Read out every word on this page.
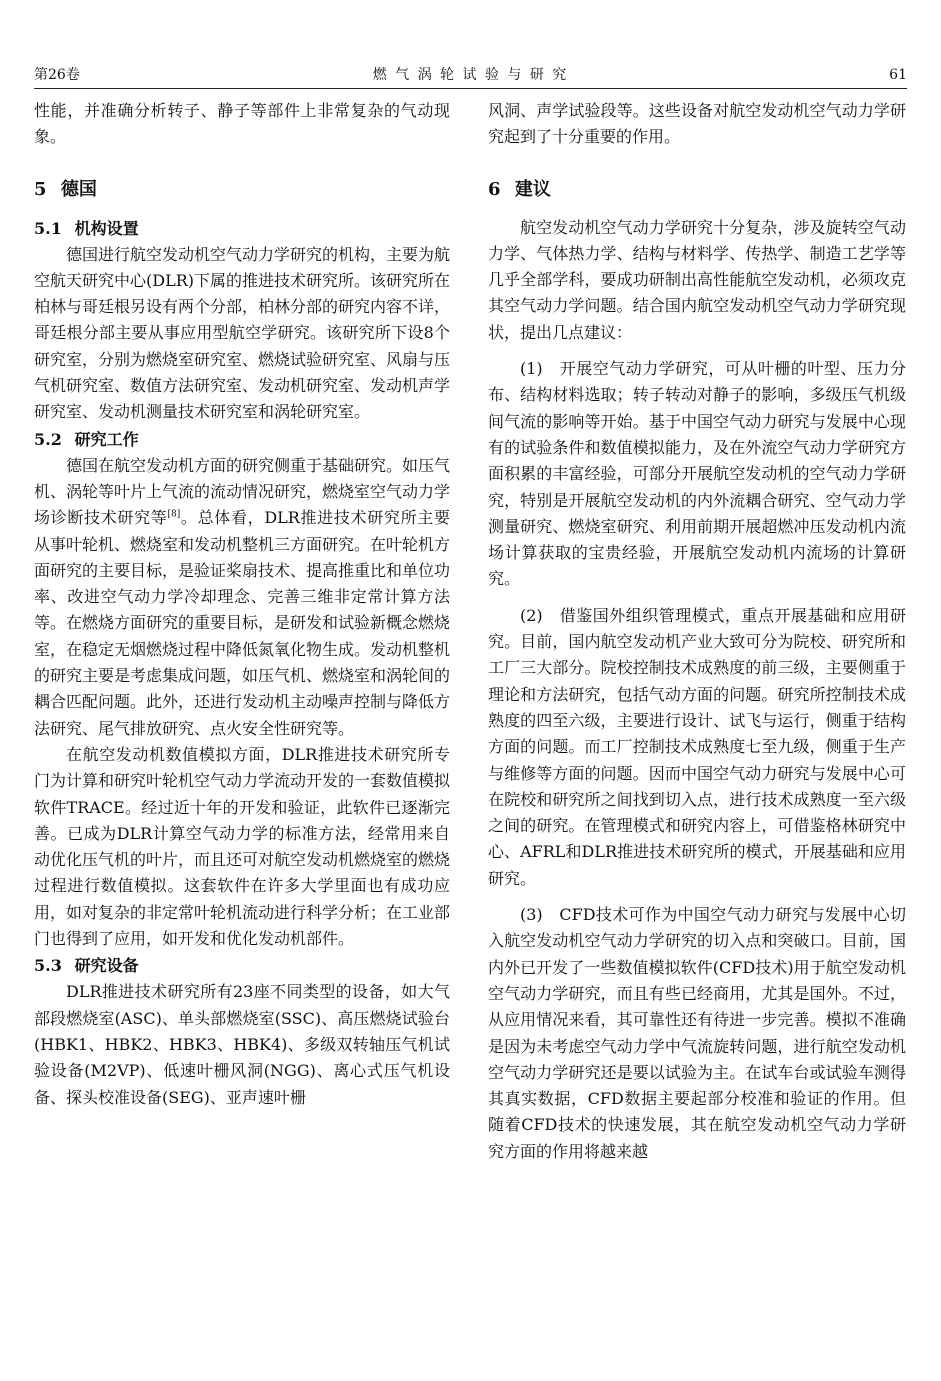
第26卷	燃 气 涡 轮 试 验 与 研 究	61

性能，并准确分析转子、静子等部件上非常复杂的气动现象。

5 德国
5.1 机构设置

德国进行航空发动机空气动力学研究的机构，主要为航空航天研究中心(DLR)下属的推进技术研究所。该研究所在柏林与哥廷根另设有两个分部，柏林分部的研究内容不详，哥廷根分部主要从事应用型航空学研究。该研究所下设8个研究室，分别为燃烧室研究室、燃烧试验研究室、风扇与压气机研究室、数值方法研究室、发动机研究室、发动机声学研究室、发动机测量技术研究室和涡轮研究室。

5.2 研究工作

德国在航空发动机方面的研究侧重于基础研究。如压气机、涡轮等叶片上气流的流动情况研究，燃烧室空气动力学场诊断技术研究等[8]。总体看，DLR推进技术研究所主要从事叶轮机、燃烧室和发动机整机三方面研究。在叶轮机方面研究的主要目标，是验证桨扇技术、提高推重比和单位功率、改进空气动力学冷却理念、完善三维非定常计算方法等。在燃烧方面研究的重要目标，是研发和试验新概念燃烧室，在稳定无烟燃烧过程中降低氮氧化物生成。发动机整机的研究主要是考虑集成问题，如压气机、燃烧室和涡轮间的耦合匹配问题。此外，还进行发动机主动噪声控制与降低方法研究、尾气排放研究、点火安全性研究等。

在航空发动机数值模拟方面，DLR推进技术研究所专门为计算和研究叶轮机空气动力学流动开发的一套数值模拟软件TRACE。经过近十年的开发和验证，此软件已逐渐完善。已成为DLR计算空气动力学的标准方法，经常用来自动优化压气机的叶片，而且还可对航空发动机燃烧室的燃烧过程进行数值模拟。这套软件在许多大学里面也有成功应用，如对复杂的非定常叶轮机流动进行科学分析；在工业部门也得到了应用，如开发和优化发动机部件。

5.3 研究设备

DLR推进技术研究所有23座不同类型的设备，如大气部段燃烧室(ASC)、单头部燃烧室(SSC)、高压燃烧试验台(HBK1、HBK2、HBK3、HBK4)、多级双转轴压气机试验设备(M2VP)、低速叶栅风洞(NGG)、离心式压气机设备、探头校准设备(SEG)、亚声速叶栅

风洞、声学试验段等。这些设备对航空发动机空气动力学研究起到了十分重要的作用。

6 建议

航空发动机空气动力学研究十分复杂，涉及旋转空气动力学、气体热力学、结构与材料学、传热学、制造工艺学等几乎全部学科，要成功研制出高性能航空发动机，必须攻克其空气动力学问题。结合国内航空发动机空气动力学研究现状，提出几点建议：

(1)　开展空气动力学研究，可从叶栅的叶型、压力分布、结构材料选取；转子转动对静子的影响，多级压气机级间气流的影响等开始。基于中国空气动力研究与发展中心现有的试验条件和数值模拟能力，及在外流空气动力学研究方面积累的丰富经验，可部分开展航空发动机的空气动力学研究，特别是开展航空发动机的内外流耦合研究、空气动力学测量研究、燃烧室研究、利用前期开展超燃冲压发动机内流场计算获取的宝贵经验，开展航空发动机内流场的计算研究。

(2)　借鉴国外组织管理模式，重点开展基础和应用研究。目前，国内航空发动机产业大致可分为院校、研究所和工厂三大部分。院校控制技术成熟度的前三级，主要侧重于理论和方法研究，包括气动方面的问题。研究所控制技术成熟度的四至六级，主要进行设计、试飞与运行，侧重于结构方面的问题。而工厂控制技术成熟度七至九级，侧重于生产与维修等方面的问题。因而中国空气动力研究与发展中心可在院校和研究所之间找到切入点，进行技术成熟度一至六级之间的研究。在管理模式和研究内容上，可借鉴格林研究中心、AFRL和DLR推进技术研究所的模式，开展基础和应用研究。

(3)　CFD技术可作为中国空气动力研究与发展中心切入航空发动机空气动力学研究的切入点和突破口。目前，国内外已开发了一些数值模拟软件(CFD技术)用于航空发动机空气动力学研究，而且有些已经商用，尤其是国外。不过，从应用情况来看，其可靠性还有待进一步完善。模拟不准确是因为未考虑空气动力学中气流旋转问题，进行航空发动机空气动力学研究还是要以试验为主。在试车台或试验车测得其真实数据，CFD数据主要起部分校准和验证的作用。但随着CFD技术的快速发展，其在航空发动机空气动力学研究方面的作用将越来越
